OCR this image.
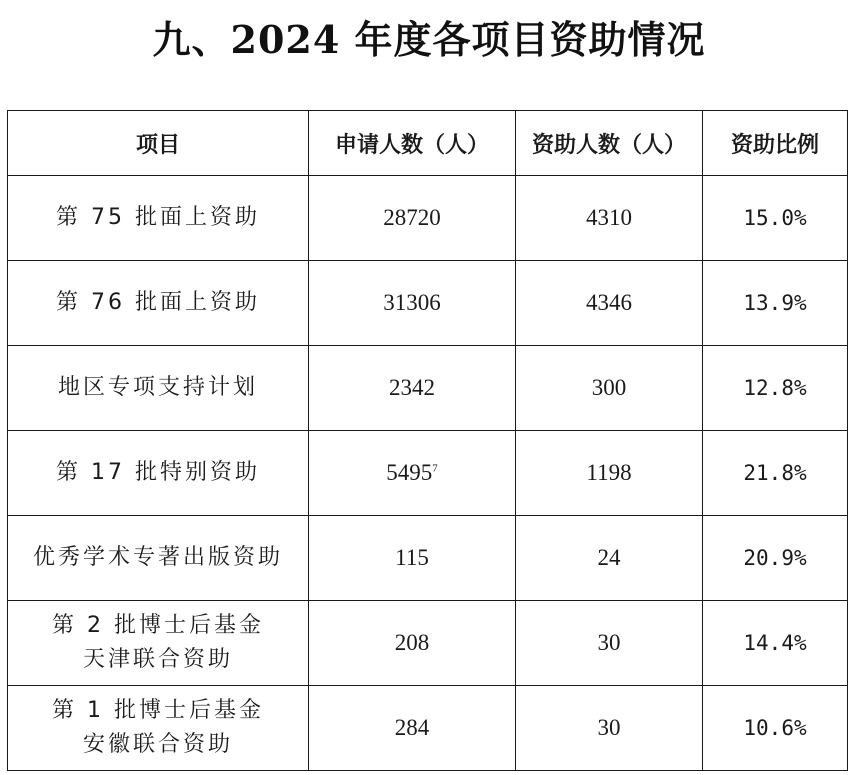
九、2024 年度各项目资助情况
项目	申请人数（人）	资助人数（人）	资助比例

第 75 批面上资助	28720	4310	15.0%

第 76 批面上资助	31306	4346	13.9%

地区专项支持计划	2342	300	12.8%

第 17 批特别资助	5495$^7$	1198	21.8%

优秀学术专著出版资助	115	24	20.9%

第 2 批博士后基金
天津联合资助	208	30	14.4%

第 1 批博士后基金
安徽联合资助	284	30	10.6%
